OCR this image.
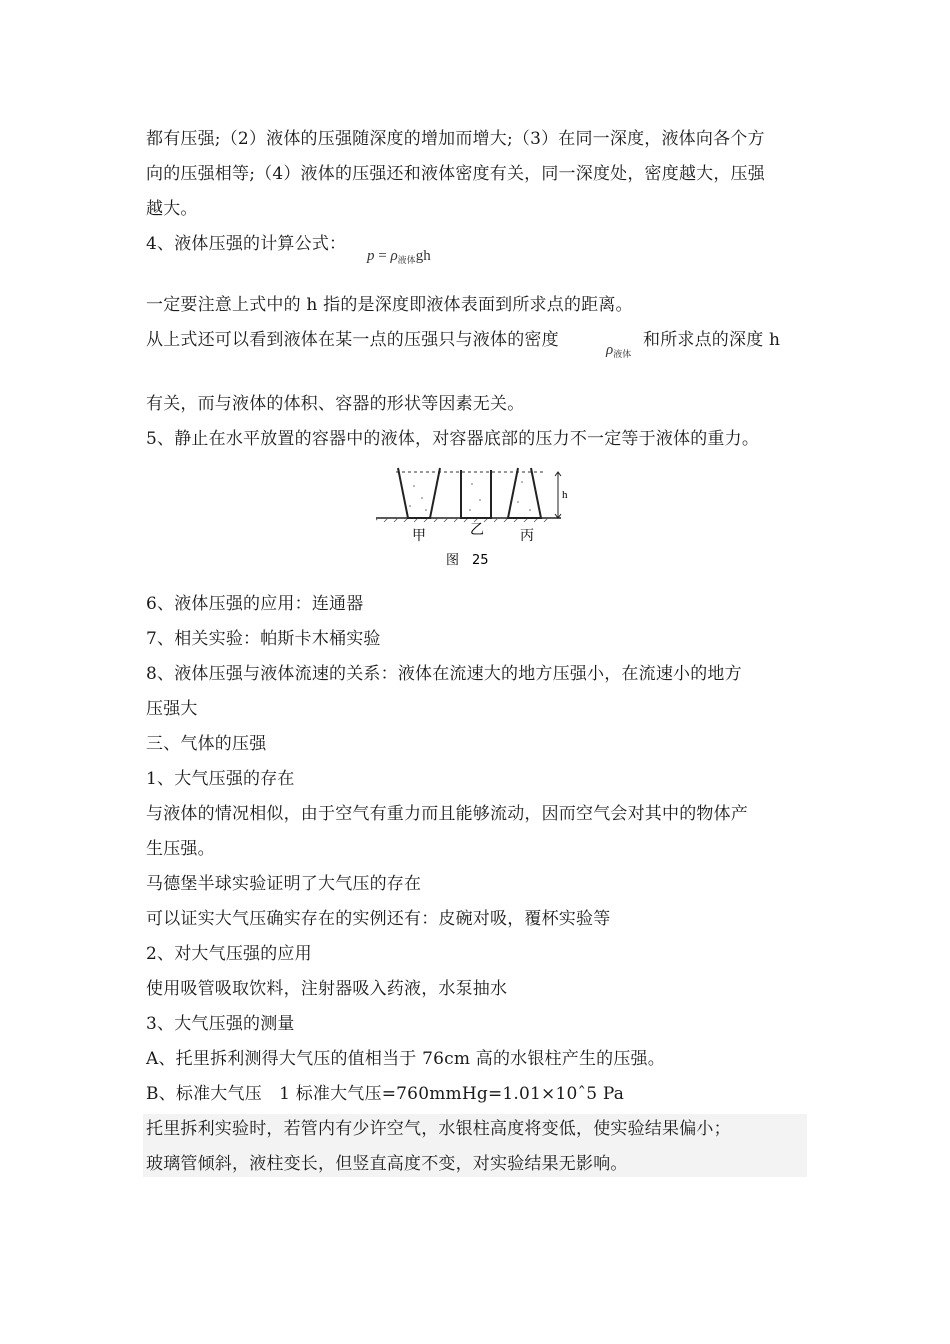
都有压强;（2）液体的压强随深度的增加而增大;（3）在同一深度，液体向各个方
向的压强相等;（4）液体的压强还和液体密度有关，同一深度处，密度越大，压强
越大。
4、液体压强的计算公式：
$p = \rho_{液体}gh$
一定要注意上式中的 h 指的是深度即液体表面到所求点的距离。
从上式还可以看到液体在某一点的压强只与液体的密度	$\rho_{液体}$
和所求点的深度 h
有关，而与液体的体积、容器的形状等因素无关。
5、静止在水平放置的容器中的液体，对容器底部的压力不一定等于液体的重力。
h
甲	乙	丙
图　25
6、液体压强的应用：连通器
7、相关实验：帕斯卡木桶实验
8、液体压强与液体流速的关系：液体在流速大的地方压强小，在流速小的地方
压强大
三、气体的压强
1、大气压强的存在
与液体的情况相似，由于空气有重力而且能够流动，因而空气会对其中的物体产
生压强。
马德堡半球实验证明了大气压的存在
可以证实大气压确实存在的实例还有：皮碗对吸，覆杯实验等
2、对大气压强的应用
使用吸管吸取饮料，注射器吸入药液，水泵抽水
3、大气压强的测量
A、托里拆利测得大气压的值相当于 76cm 高的水银柱产生的压强。
B、标准大气压　1 标准大气压=760mmHg=1.01×10ˆ5 Pa
托里拆利实验时，若管内有少许空气，水银柱高度将变低，使实验结果偏小；
玻璃管倾斜，液柱变长，但竖直高度不变，对实验结果无影响。
